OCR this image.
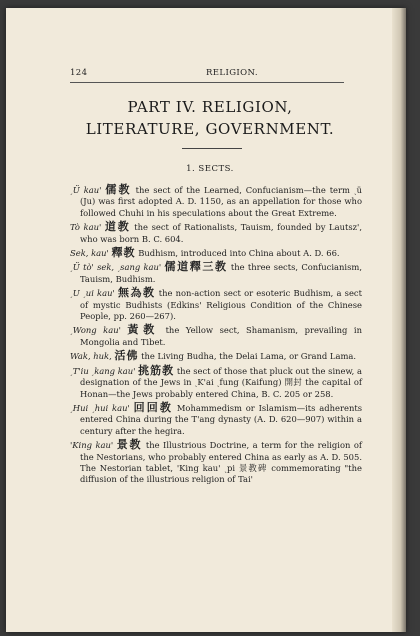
124	RELIGION.
PART IV. RELIGION,
LITERATURE, GOVERNMENT.
1. SECTS.

ˏÜ kau' 儒教 the sect of the Learned, Confucianism—the term ˏü (Ju) was first adopted A. D. 1150, as an appellation for those who followed Chuhi in his speculations about the Great Extreme.

Tò kau' 道教 the sect of Rationalists, Tauism, founded by Lautsz', who was born B. C. 604.

Sek, kau' 釋教 Budhism, introduced into China about A. D. 66.

ˏÜ tò' sek, ˏsang kau' 儒道釋三教 the three sects, Confucianism, Tauism, Budhism.

ˏU ˏui kau' 無為教 the non-action sect or esoteric Budhism, a sect of mystic Budhists (Edkins' Religious Condition of the Chinese People, pp. 260—267).

ˏWong kau' 黃教 the Yellow sect, Shamanism, prevailing in Mongolia and Tibet.

Wak, huk, 活佛 the Living Budha, the Delai Lama, or Grand Lama.

ˏT'iu ˏkang kau' 挑筋教 the sect of those that pluck out the sinew, a designation of the Jews in ˏK'ai ˏfung (Kaifung) 開封 the capital of Honan—the Jews probably entered China, B. C. 205 or 258.

ˏHui ˏhui kau' 回回教 Mohammedism or Islamism—its adherents entered China during the T'ang dynasty (A. D. 620—907) within a century after the hegira.

'King kau' 景教 the Illustrious Doctrine, a term for the religion of the Nestorians, who probably entered China as early as A. D. 505. The Nestorian tablet, 'King kau' ˏpi 景教碑 commemorating "the diffusion of the illustrious religion of Tai'
